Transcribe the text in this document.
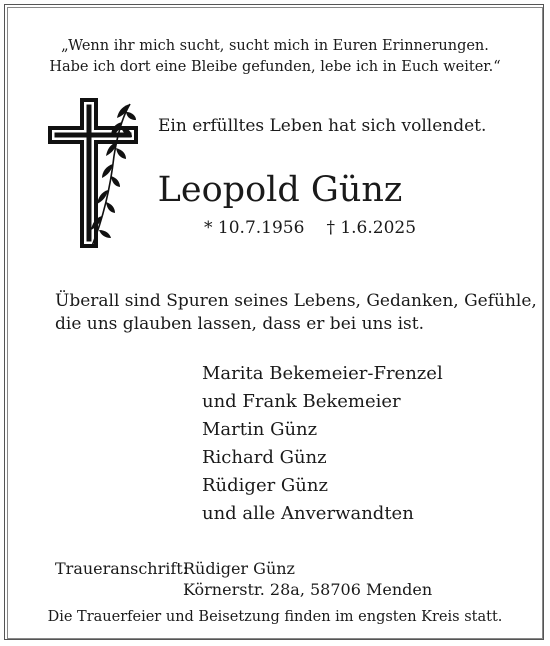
„Wenn ihr mich sucht, sucht mich in Euren Erinnerungen.
Habe ich dort eine Bleibe gefunden, lebe ich in Euch weiter.“
Ein erfülltes Leben hat sich vollendet.
Leopold Günz
* 10.7.1956 † 1.6.2025
Überall sind Spuren seines Lebens, Gedanken, Gefühle,
die uns glauben lassen, dass er bei uns ist.
Marita Bekemeier-Frenzel
und Frank Bekemeier
Martin Günz
Richard Günz
Rüdiger Günz
und alle Anverwandten
Traueranschrift:Rüdiger Günz
Körnerstr. 28a, 58706 Menden
Die Trauerfeier und Beisetzung finden im engsten Kreis statt.
